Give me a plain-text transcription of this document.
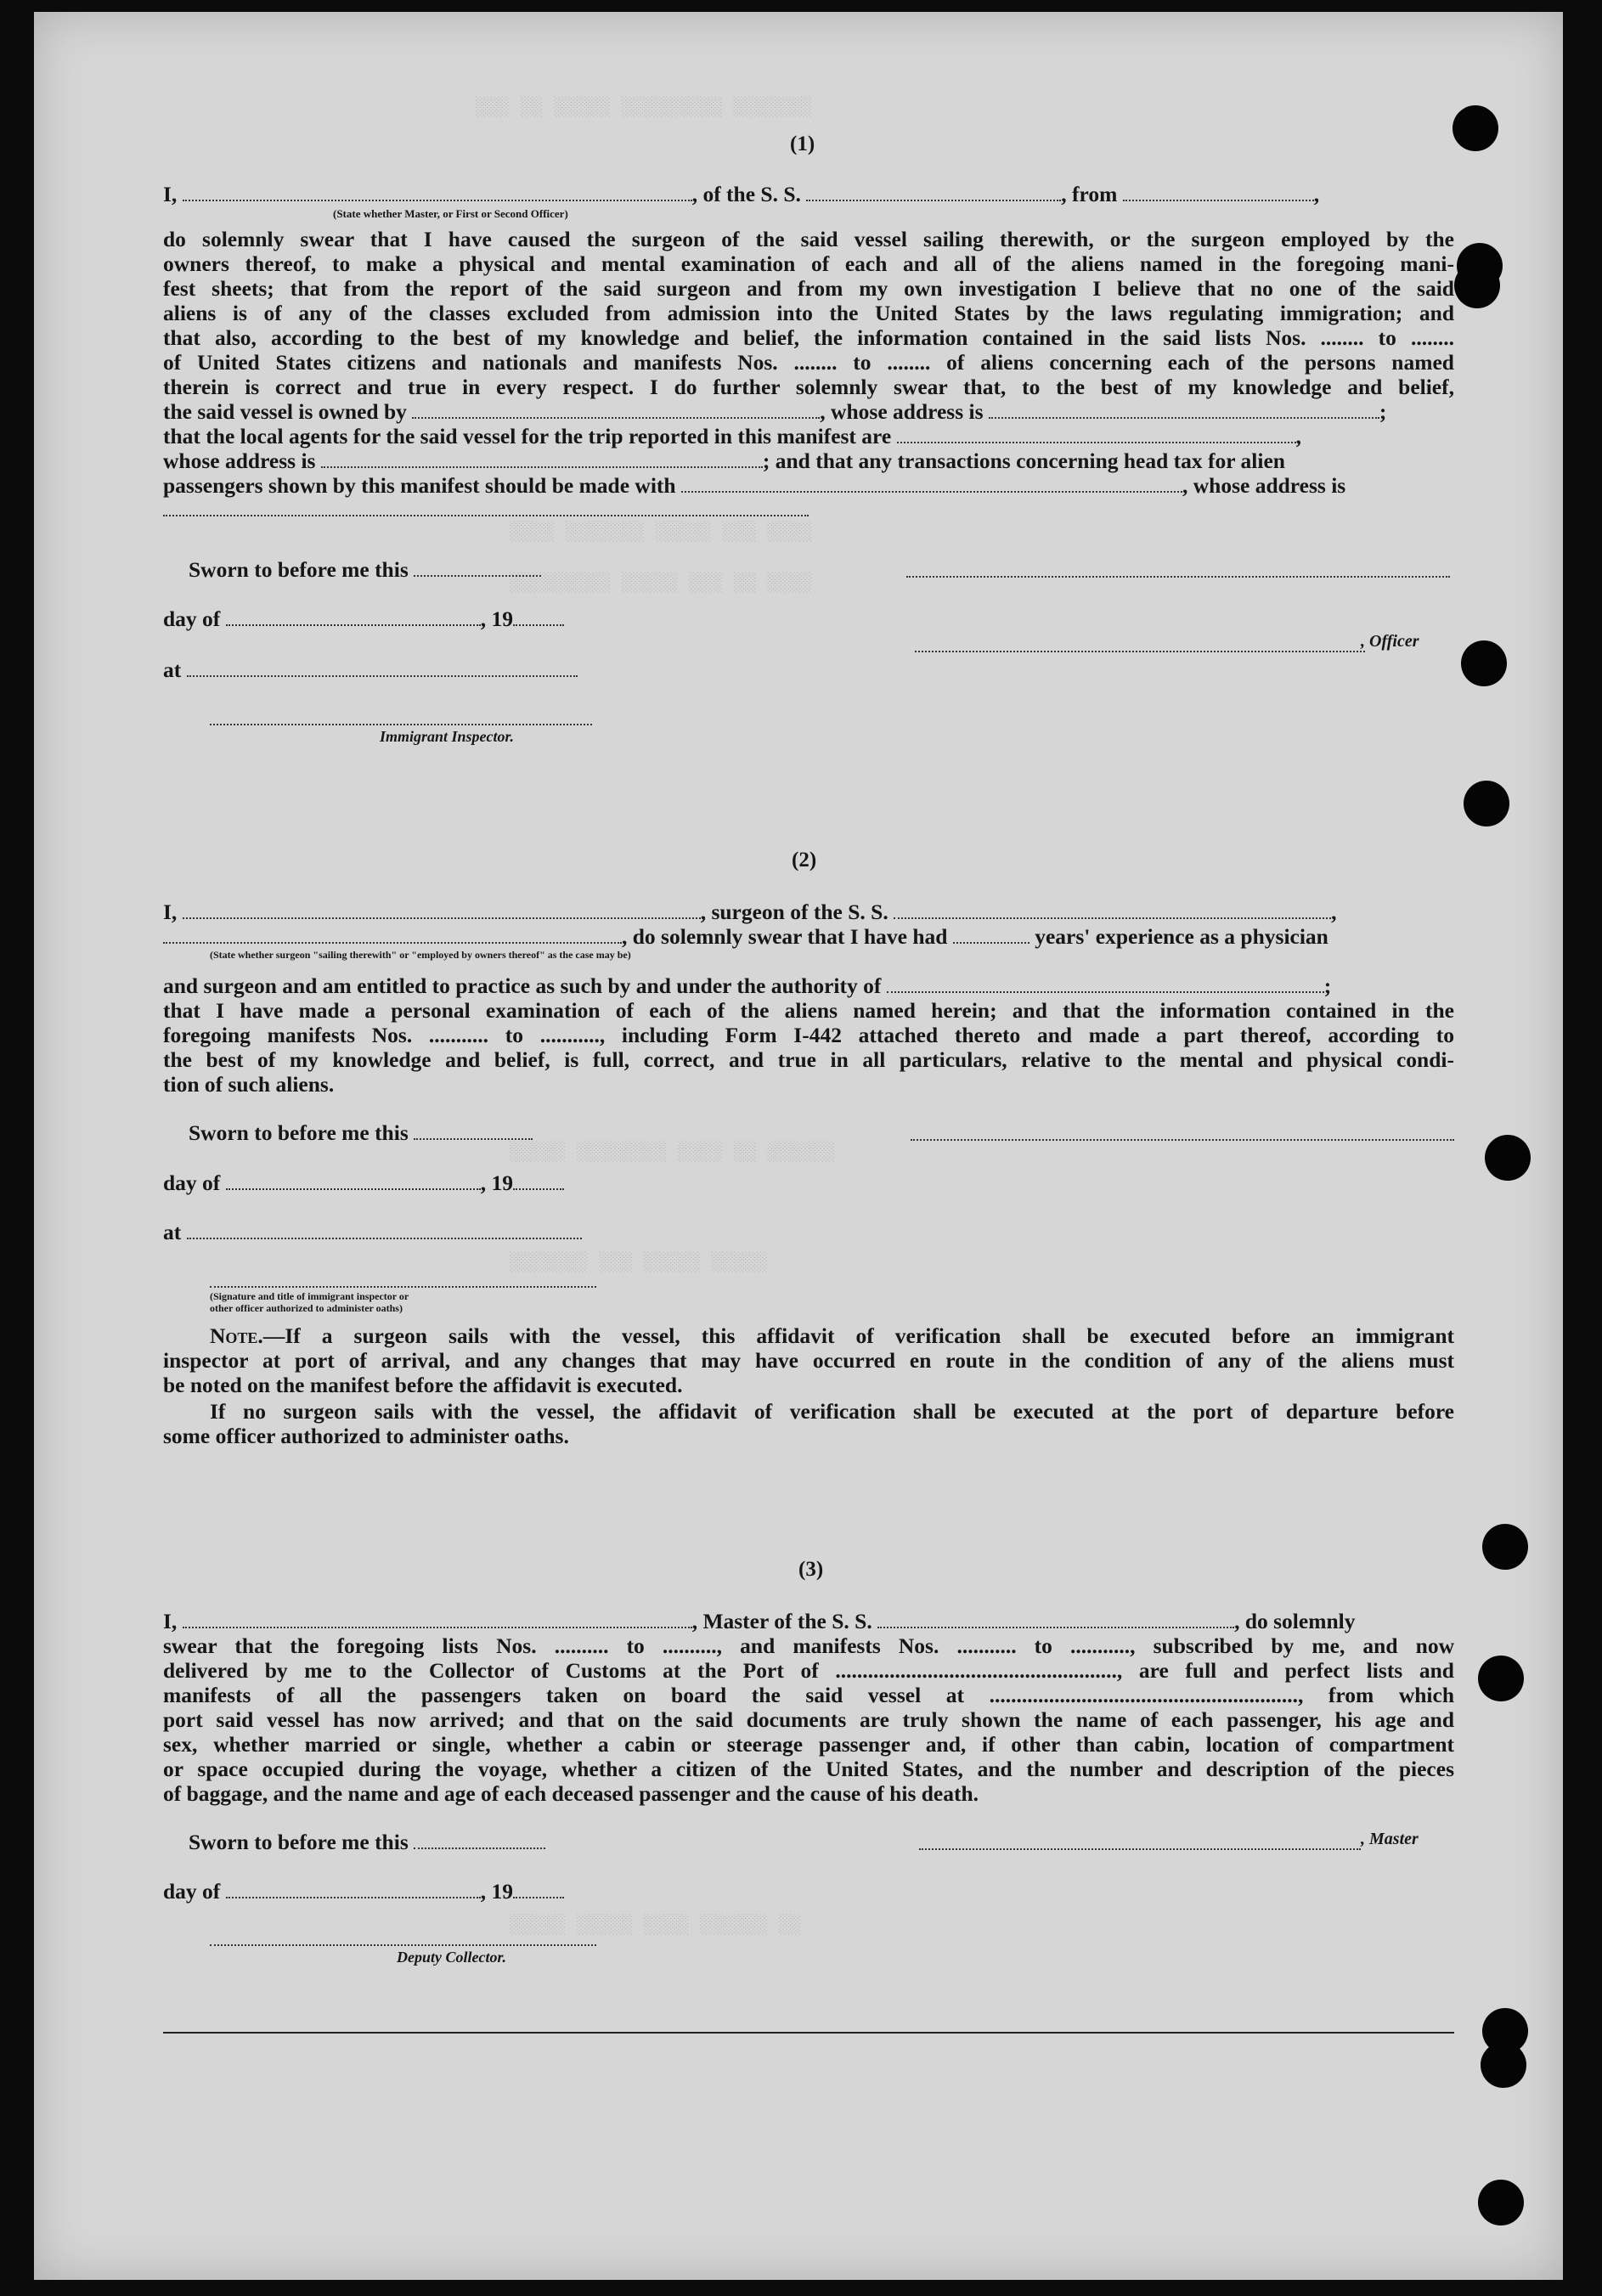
░░░ ░░ ░░░░░ ░░░░░░░░░ ░░░░░░░
░░░░ ░░░░░░░ ░░░░░ ░░░ ░░░░
░░░░░░░░░ ░░░░░ ░░░ ░░ ░░░░
░░░░░ ░░░░░░░░ ░░░░ ░░ ░░░░░░
░░░░░░░ ░░░ ░░░░░ ░░░░░
░░░░░ ░░░░░ ░░░░ ░░░░░░ ░░
(1)
I,	, of the S. S.	, from	,
(State whether Master, or First or Second Officer)
do solemnly swear that I have caused the surgeon of the said vessel sailing therewith, or the surgeon employed by the
owners thereof, to make a physical and mental examination of each and all of the aliens named in the foregoing mani-
fest sheets; that from the report of the said surgeon and from my own investigation I believe that no one of the said
aliens is of any of the classes excluded from admission into the United States by the laws regulating immigration; and
that also, according to the best of my knowledge and belief, the information contained in the said lists Nos. ........ to ........
of United States citizens and nationals and manifests Nos. ........ to ........ of aliens concerning each of the persons named
therein is correct and true in every respect. I do further solemnly swear that, to the best of my knowledge and belief,
the said vessel is owned by	, whose address is	;
that the local agents for the said vessel for the trip reported in this manifest are	,
whose address is	; and that any transactions concerning head tax for alien
passengers shown by this manifest should be made with	, whose address is
Sworn to before me this
day of	, 19
, Officer
at
Immigrant Inspector.
(2)
I,	, surgeon of the S. S.	,
, do solemnly swear that I have had	years' experience as a physician
(State whether surgeon "sailing therewith" or "employed by owners thereof" as the case may be)
and surgeon and am entitled to practice as such by and under the authority of	;
that I have made a personal examination of each of the aliens named herein; and that the information contained in the
foregoing manifests Nos. ........... to ..........., including Form I-442 attached thereto and made a part thereof, according to
the best of my knowledge and belief, is full, correct, and true in all particulars, relative to the mental and physical condi-
tion of such aliens.
Sworn to before me this
day of	, 19
at
(Signature and title of immigrant inspector or
other officer authorized to administer oaths)
Note.—If a surgeon sails with the vessel, this affidavit of verification shall be executed before an immigrant
inspector at port of arrival, and any changes that may have occurred en route in the condition of any of the aliens must
be noted on the manifest before the affidavit is executed.
If no surgeon sails with the vessel, the affidavit of verification shall be executed at the port of departure before
some officer authorized to administer oaths.
(3)
I,	, Master of the S. S.	, do solemnly
swear that the foregoing lists Nos. .......... to .........., and manifests Nos. ........... to ..........., subscribed by me, and now
delivered by me to the Collector of Customs at the Port of ...................................................., are full and perfect lists and
manifests of all the passengers taken on board the said vessel at ........................................................., from which
port said vessel has now arrived; and that on the said documents are truly shown the name of each passenger, his age and
sex, whether married or single, whether a cabin or steerage passenger and, if other than cabin, location of compartment
or space occupied during the voyage, whether a citizen of the United States, and the number and description of the pieces
of baggage, and the name and age of each deceased passenger and the cause of his death.
Sworn to before me this	, Master
day of	, 19
Deputy Collector.
